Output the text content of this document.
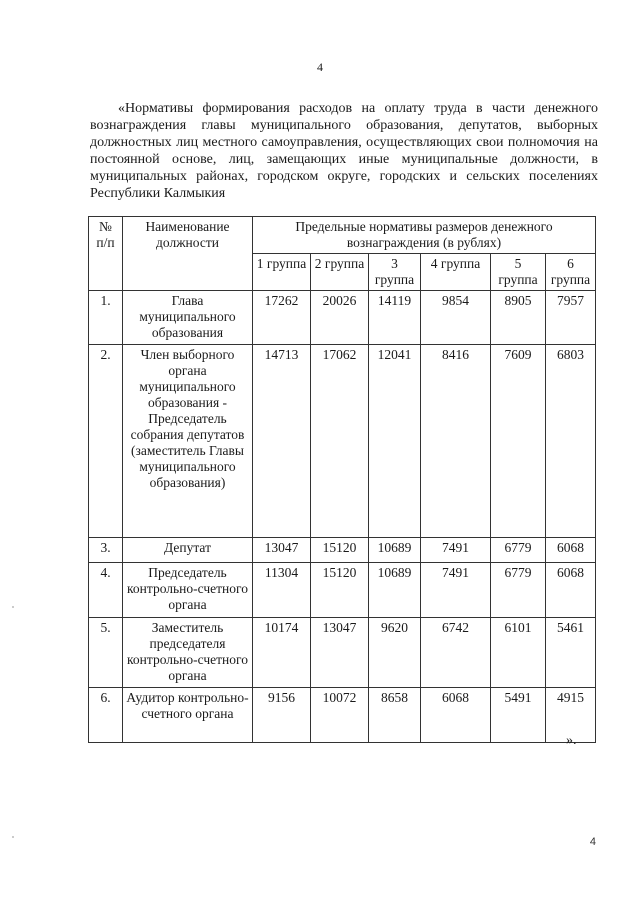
4
«Нормативы формирования расходов на оплату труда в части денежного вознаграждения главы муниципального образования, депутатов, выборных должностных лиц местного самоуправления, осуществляющих свои полномочия на постоянной основе, лиц, замещающих иные муниципальные должности, в муниципальных районах, городском округе, городских и сельских поселениях Республики Калмыкия
№ п/п	Наименование должности	Предельные нормативы размеров денежного вознаграждения (в рублях)					
		1 группа	2 группа	3 группа	4 группа	5 группа	6 группа
1.	Глава муниципального образования	17262	20026	14119	9854	8905	7957
2.	Член выборного органа муниципального образования - Председатель собрания депутатов (заместитель Главы муниципального образования)	14713	17062	12041	8416	7609	6803
3.	Депутат	13047	15120	10689	7491	6779	6068
4.	Председатель контрольно-счетного органа	11304	15120	10689	7491	6779	6068
5.	Заместитель председателя контрольно-счетного органа	10174	13047	9620	6742	6101	5461
6.	Аудитор контрольно-счетного органа	9156	10072	8658	6068	5491	4915
».
4
